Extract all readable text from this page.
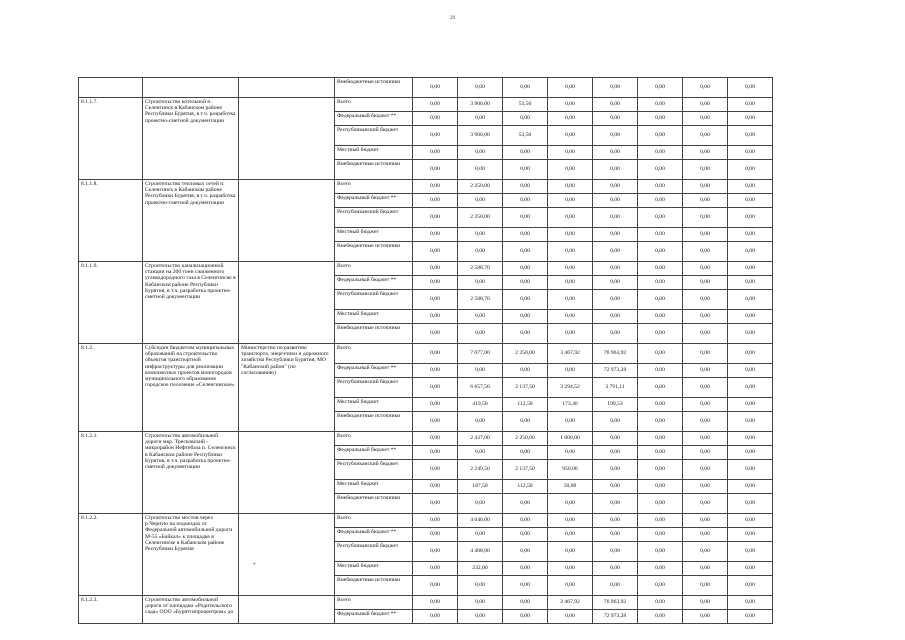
29
			Внебюджетные источники	0,00	0,00	0,00	0,00	0,00	0,00	0,00	0,00
8.1.1.7.	Строительство котельной п. Селенгинск в Кабанском районе Республики Бурятия, в т.ч. разработка проектно-сметной документации		Всего	0,00	3 900,00	53,50	0,00	0,00	0,00	0,00	0,00
			Федеральный бюджет **	0,00	0,00	0,00	0,00	0,00	0,00	0,00	0,00
			Республиканский бюджет	0,00	3 900,00	53,50	0,00	0,00	0,00	0,00	0,00
			Местный бюджет	0,00	0,00	0,00	0,00	0,00	0,00	0,00	0,00
			Внебюджетные источники	0,00	0,00	0,00	0,00	0,00	0,00	0,00	0,00
8.1.1.8.	Строительство тепловых сетей п. Селенгинск в Кабанском районе Республики Бурятия, в т.ч. разработка проектно-сметной документации		Всего	0,00	2 250,00	0,00	0,00	0,00	0,00	0,00	0,00
			Федеральный бюджет **	0,00	0,00	0,00	0,00	0,00	0,00	0,00	0,00
			Республиканский бюджет	0,00	2 250,00	0,00	0,00	0,00	0,00	0,00	0,00
			Местный бюджет	0,00	0,00	0,00	0,00	0,00	0,00	0,00	0,00
			Внебюджетные источники	0,00	0,00	0,00	0,00	0,00	0,00	0,00	0,00
8.1.1.9.	Строительство канализационной станции на 200 тонн сжиженного углеводородного газа в Селенгинске в Кабанском районе Республики Бурятия, в т.ч. разработка проектно-сметной документации		Всего	0,00	2 588,70	0,00	0,00	0,00	0,00	0,00	0,00
			Федеральный бюджет **	0,00	0,00	0,00	0,00	0,00	0,00	0,00	0,00
			Республиканский бюджет	0,00	2 588,70	0,00	0,00	0,00	0,00	0,00	0,00
			Местный бюджет	0,00	0,00	0,00	0,00	0,00	0,00	0,00	0,00
			Внебюджетные источники	0,00	0,00	0,00	0,00	0,00	0,00	0,00	0,00
8.1.2.	Субсидии бюджетам муниципальных образований на строительство объектов транспортной инфраструктуры для реализации комплексных проектов моногородов муниципального образования городское поселение «Селенгинское»	Министерство по развитию транспорта, энергетики и дорожного хозяйства Республики Бурятия, МО "Кабанский район" (по согласованию)	Всего	0,00	7 077,00	2 250,00	3 467,92	76 963,92	0,00	0,00	0,00
			Федеральный бюджет **	0,00	0,00	0,00	0,00	72 973,28	0,00	0,00	0,00
			Республиканский бюджет	0,00	6 657,50	2 137,50	3 294,52	3 791,11	0,00	0,00	0,00
			Местный бюджет	0,00	419,50	112,50	173,40	199,53	0,00	0,00	0,00
			Внебюджетные источники	0,00	0,00	0,00	0,00	0,00	0,00	0,00	0,00
8.1.2.1.	Строительство автомобильной дороги мкр. Тресковский - микрорайон Нефтебаза п. Селенгинск в Кабанском районе Республики Бурятия, в т.ч. разработка проектно-сметной документации		Всего	0,00	2 437,00	2 250,00	1 000,00	0,00	0,00	0,00	0,00
			Федеральный бюджет **	0,00	0,00	0,00	0,00	0,00	0,00	0,00	0,00
			Республиканский бюджет	0,00	2 249,50	2 137,50	950,00	0,00	0,00	0,00	0,00
			Местный бюджет	0,00	187,50	112,50	50,00	0,00	0,00	0,00	0,00
			Внебюджетные источники	0,00	0,00	0,00	0,00	0,00	0,00	0,00	0,00
8.1.2.2.	Строительство мостов через р.Черную на подъездах от Федеральной автомобильной дороги М-55 «Байкал» к площадке в Селенгинске в Кабанском районе Республики Бурятия		Всего	0,00	4 640,00	0,00	0,00	0,00	0,00	0,00	0,00
			Федеральный бюджет **	0,00	0,00	0,00	0,00	0,00	0,00	0,00	0,00
			Республиканский бюджет	0,00	4 408,00	0,00	0,00	0,00	0,00	0,00	0,00
			Местный бюджет	0,00	232,00	0,00	0,00	0,00	0,00	0,00	0,00
			Внебюджетные источники	0,00	0,00	0,00	0,00	0,00	0,00	0,00	0,00
8.1.2.3.	Строительство автомобильной дороги от площадки «Родительского сада» ООО «Бурятгипроцентром» до		Всего	0,00	0,00	0,00	2 467,92	76 963,92	0,00	0,00	0,00
			Федеральный бюджет **	0,00	0,00	0,00	0,00	72 973,28	0,00	0,00	0,00
*
